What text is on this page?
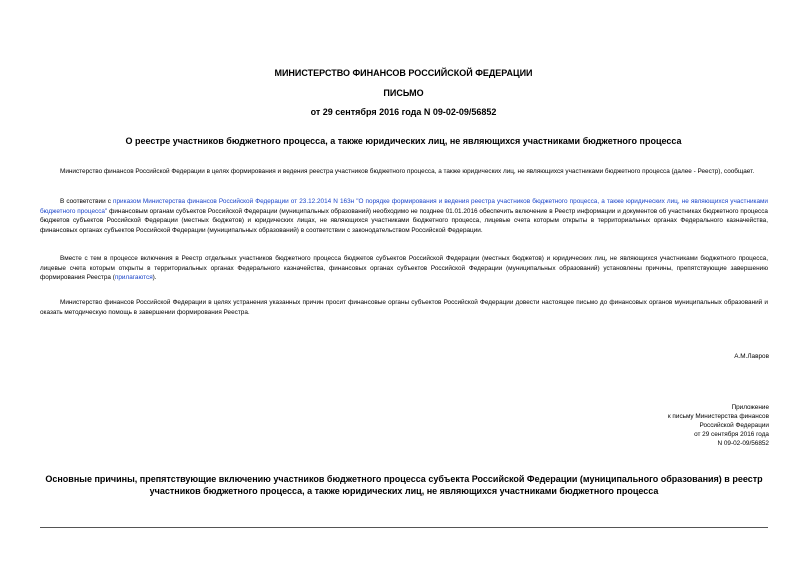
МИНИСТЕРСТВО ФИНАНСОВ РОССИЙСКОЙ ФЕДЕРАЦИИ
ПИСЬМО
от 29 сентября 2016 года N 09-02-09/56852
О реестре участников бюджетного процесса, а также юридических лиц, не являющихся участниками бюджетного процесса
Министерство финансов Российской Федерации в целях формирования и ведения реестра участников бюджетного процесса, а также юридических лиц, не являющихся участниками бюджетного процесса (далее - Реестр), сообщает.
В соответствии с приказом Министерства финансов Российской Федерации от 23.12.2014 N 163н "О порядке формирования и ведения реестра участников бюджетного процесса, а также юридических лиц, не являющихся участниками бюджетного процесса" финансовым органам субъектов Российской Федерации (муниципальных образований) необходимо не позднее 01.01.2016 обеспечить включение в Реестр информации и документов об участниках бюджетного процесса бюджетов субъектов Российской Федерации (местных бюджетов) и юридических лицах, не являющихся участниками бюджетного процесса, лицевые счета которым открыты в территориальных органах Федерального казначейства, финансовых органах субъектов Российской Федерации (муниципальных образований) в соответствии с законодательством Российской Федерации.
Вместе с тем в процессе включения в Реестр отдельных участников бюджетного процесса бюджетов субъектов Российской Федерации (местных бюджетов) и юридических лиц, не являющихся участниками бюджетного процесса, лицевые счета которым открыты в территориальных органах Федерального казначейства, финансовых органах субъектов Российской Федерации (муниципальных образований) установлены причины, препятствующие завершению формирования Реестра (прилагаются).
Министерство финансов Российской Федерации в целях устранения указанных причин просит финансовые органы субъектов Российской Федерации довести настоящее письмо до финансовых органов муниципальных образований и оказать методическую помощь в завершении формирования Реестра.
А.М.Лавров
Приложение
к письму Министерства финансов
Российской Федерации
от 29 сентября 2016 года
N 09-02-09/56852
Основные причины, препятствующие включению участников бюджетного процесса субъекта Российской Федерации (муниципального образования) в реестр участников бюджетного процесса, а также юридических лиц, не являющихся участниками бюджетного процесса
